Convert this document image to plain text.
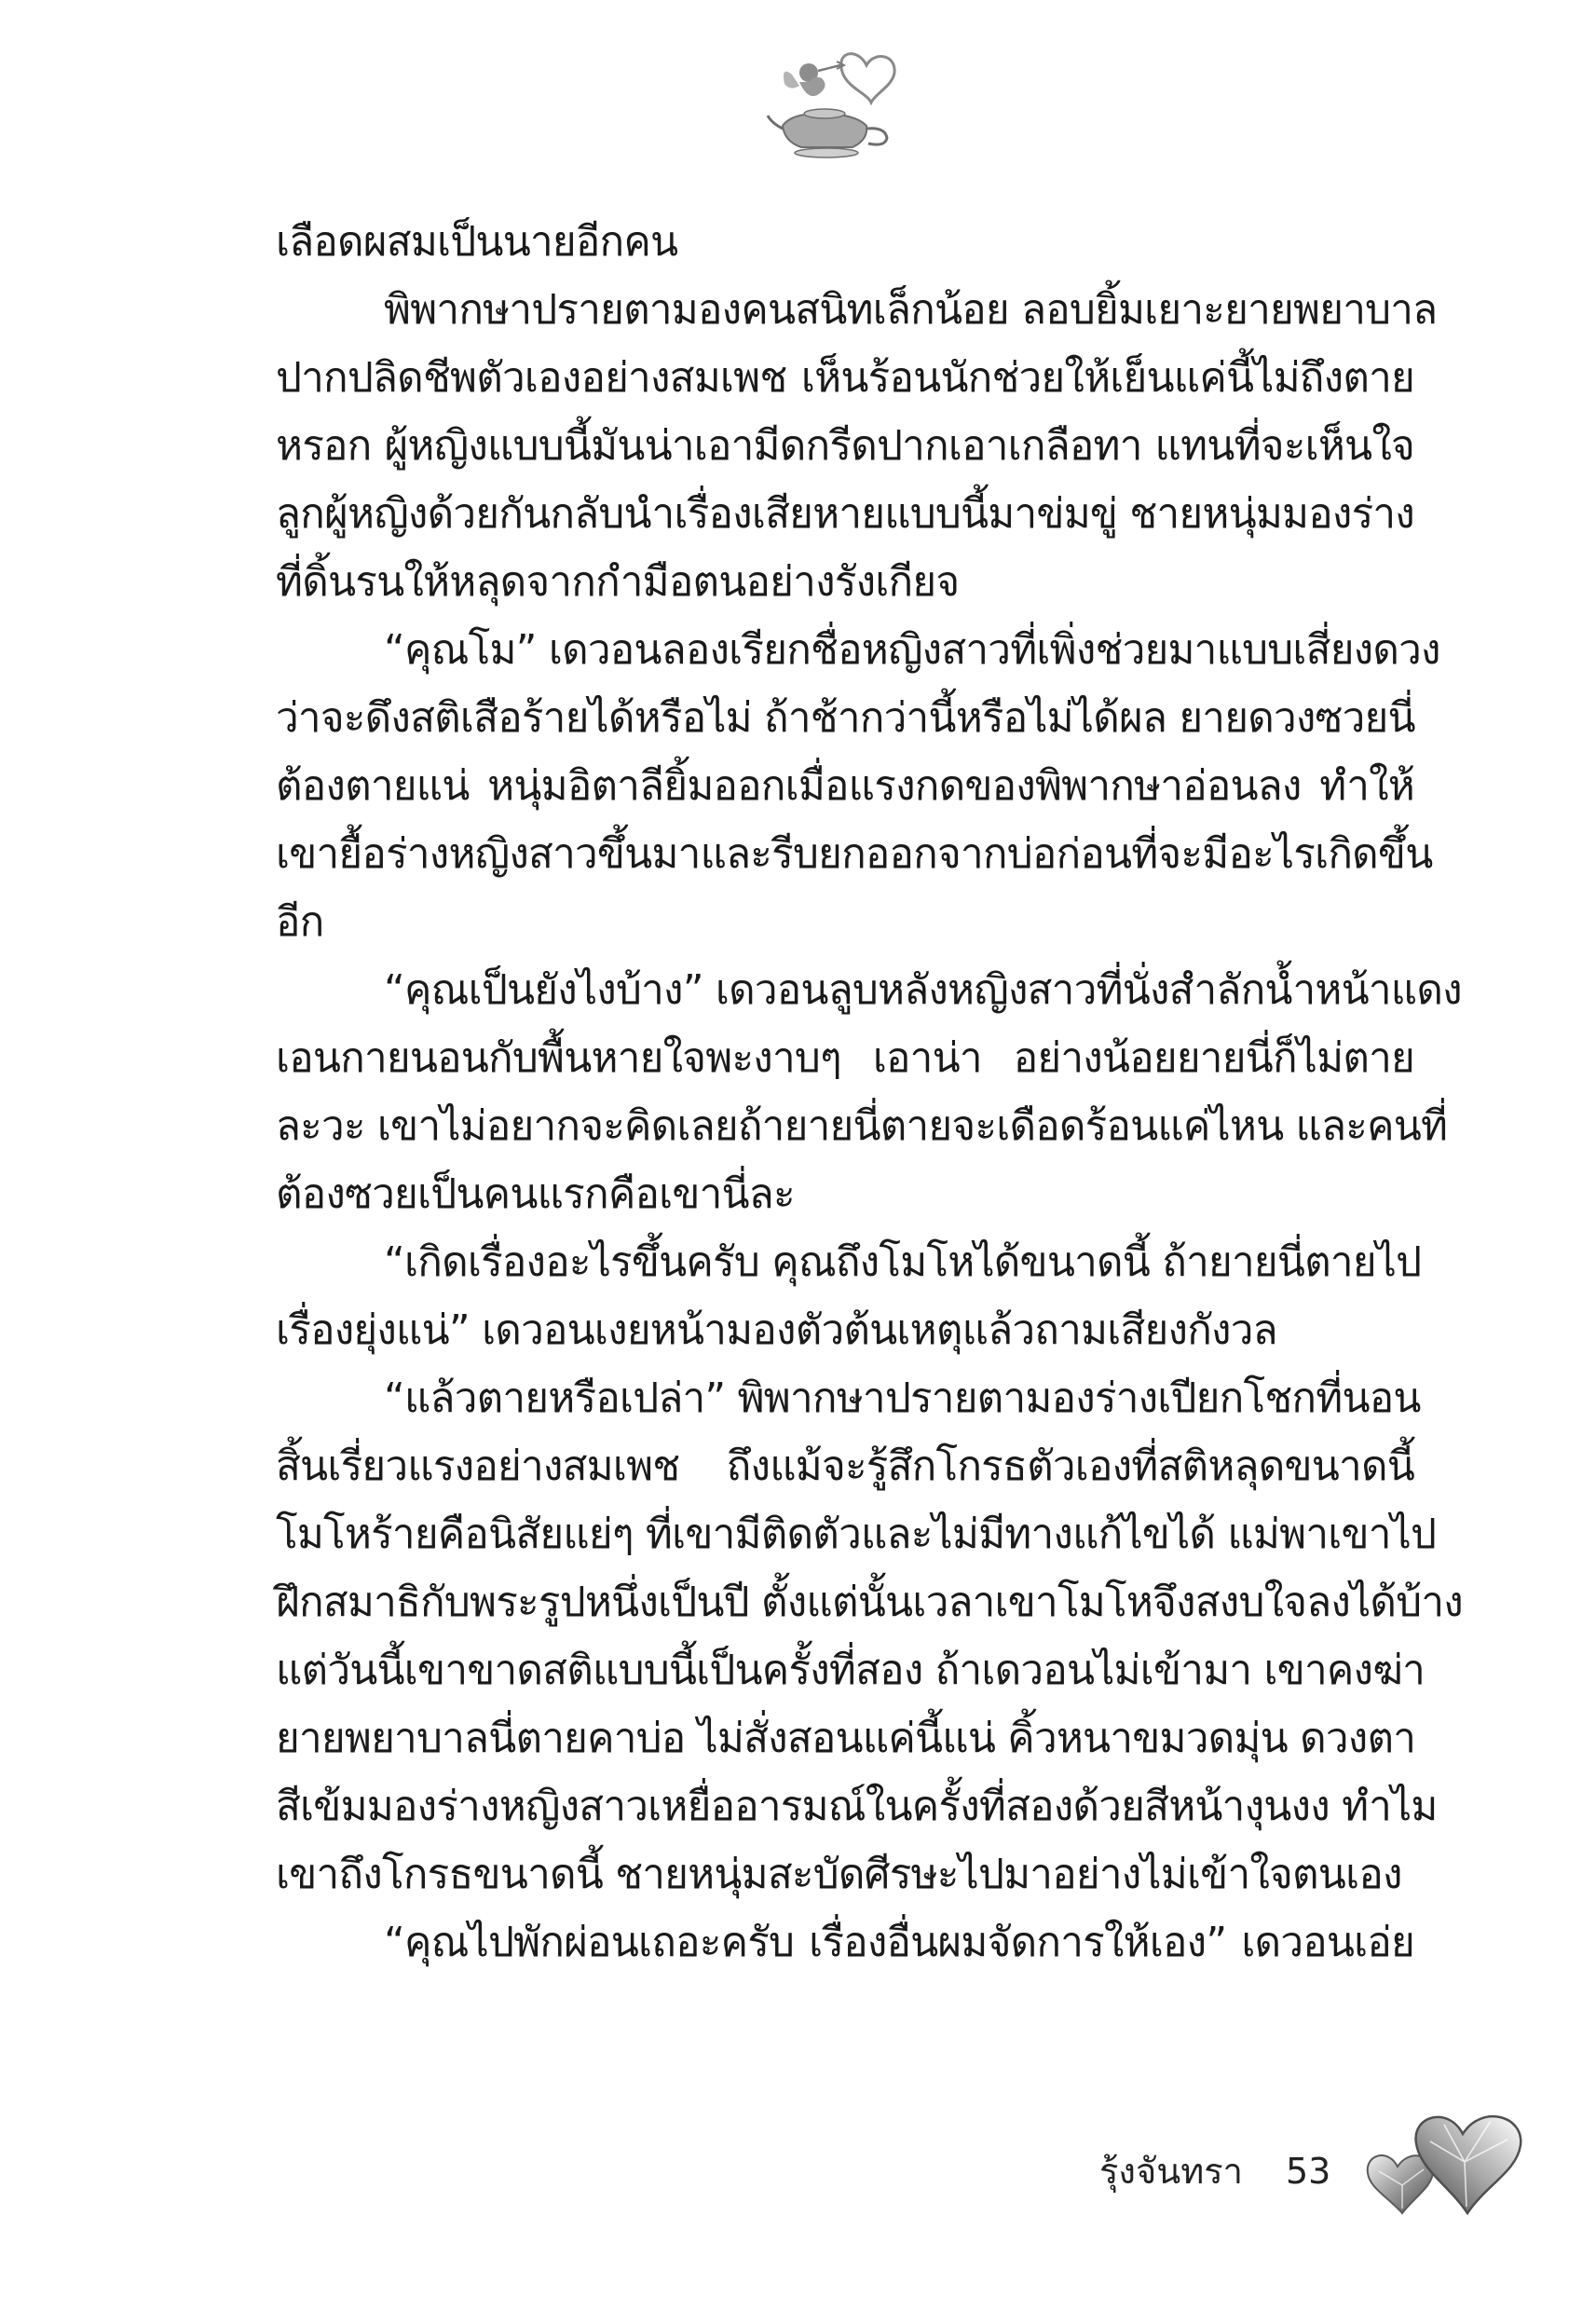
เลือดผสมเป็นนายอีกคน
พิพากษาปรายตามองคนสนิทเล็กน้อย ลอบยิ้มเยาะยายพยาบาล
ปากปลิดชีพตัวเองอย่างสมเพช เห็นร้อนนักช่วยให้เย็นแค่นี้ไม่ถึงตาย
หรอก ผู้หญิงแบบนี้มันน่าเอามีดกรีดปากเอาเกลือทา แทนที่จะเห็นใจ
ลูกผู้หญิงด้วยกันกลับนำเรื่องเสียหายแบบนี้มาข่มขู่ ชายหนุ่มมองร่าง
ที่ดิ้นรนให้หลุดจากกำมือตนอย่างรังเกียจ
“คุณโม” เดวอนลองเรียกชื่อหญิงสาวที่เพิ่งช่วยมาแบบเสี่ยงดวง
ว่าจะดึงสติเสือร้ายได้หรือไม่ ถ้าช้ากว่านี้หรือไม่ได้ผล ยายดวงซวยนี่
ต้องตายแน่ หนุ่มอิตาลียิ้มออกเมื่อแรงกดของพิพากษาอ่อนลง ทำให้
เขายื้อร่างหญิงสาวขึ้นมาและรีบยกออกจากบ่อก่อนที่จะมีอะไรเกิดขึ้น
อีก
“คุณเป็นยังไงบ้าง” เดวอนลูบหลังหญิงสาวที่นั่งสำลักน้ำหน้าแดง
เอนกายนอนกับพื้นหายใจพะงาบๆ เอาน่า อย่างน้อยยายนี่ก็ไม่ตาย
ละวะ เขาไม่อยากจะคิดเลยถ้ายายนี่ตายจะเดือดร้อนแค่ไหน และคนที่
ต้องซวยเป็นคนแรกคือเขานี่ละ
“เกิดเรื่องอะไรขึ้นครับ คุณถึงโมโหได้ขนาดนี้ ถ้ายายนี่ตายไป
เรื่องยุ่งแน่” เดวอนเงยหน้ามองตัวต้นเหตุแล้วถามเสียงกังวล
“แล้วตายหรือเปล่า” พิพากษาปรายตามองร่างเปียกโชกที่นอน
สิ้นเรี่ยวแรงอย่างสมเพช ถึงแม้จะรู้สึกโกรธตัวเองที่สติหลุดขนาดนี้
โมโหร้ายคือนิสัยแย่ๆ ที่เขามีติดตัวและไม่มีทางแก้ไขได้ แม่พาเขาไป
ฝึกสมาธิกับพระรูปหนึ่งเป็นปี ตั้งแต่นั้นเวลาเขาโมโหจึงสงบใจลงได้บ้าง
แต่วันนี้เขาขาดสติแบบนี้เป็นครั้งที่สอง ถ้าเดวอนไม่เข้ามา เขาคงฆ่า
ยายพยาบาลนี่ตายคาบ่อ ไม่สั่งสอนแค่นี้แน่ คิ้วหนาขมวดมุ่น ดวงตา
สีเข้มมองร่างหญิงสาวเหยื่ออารมณ์ในครั้งที่สองด้วยสีหน้างุนงง ทำไม
เขาถึงโกรธขนาดนี้ ชายหนุ่มสะบัดศีรษะไปมาอย่างไม่เข้าใจตนเอง
“คุณไปพักผ่อนเถอะครับ เรื่องอื่นผมจัดการให้เอง” เดวอนเอ่ย
รุ้งจันทรา 53
